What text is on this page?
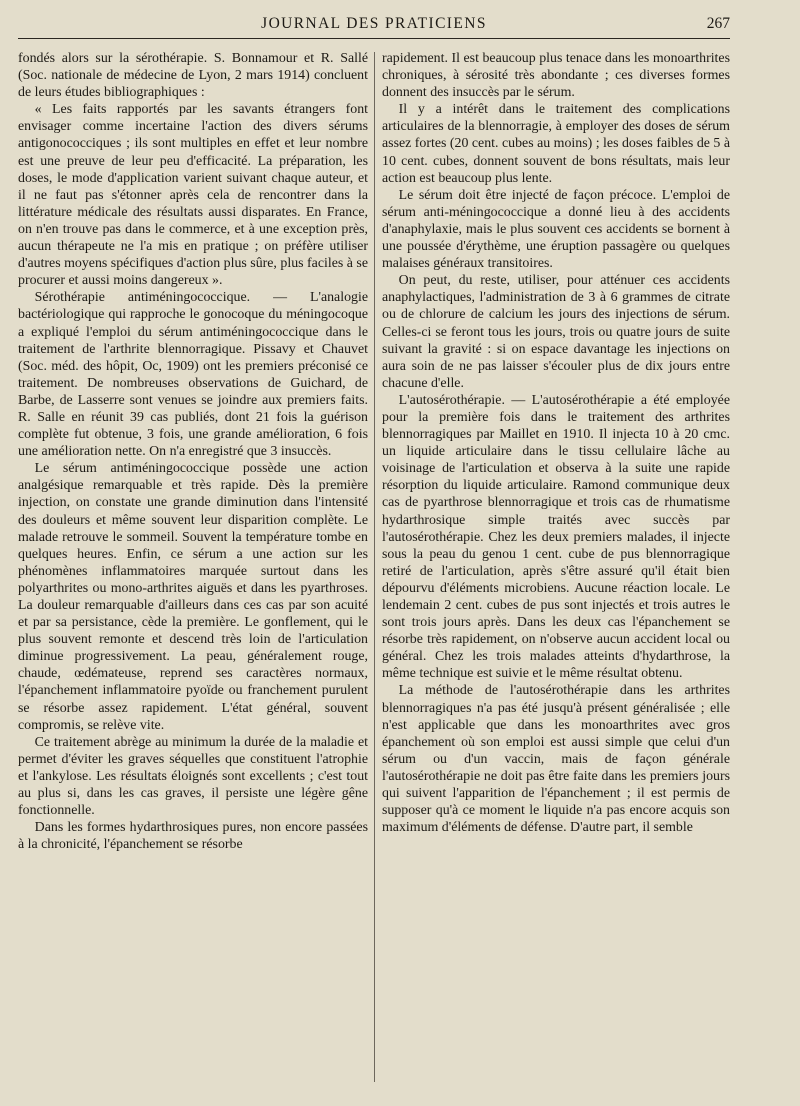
JOURNAL DES PRATICIENS	267

fondés alors sur la sérothérapie. S. Bonnamour et R. Sallé (Soc. nationale de médecine de Lyon, 2 mars 1914) concluent de leurs études bibliographiques :

« Les faits rapportés par les savants étrangers font envisager comme incertaine l'action des divers sérums antigonococciques ; ils sont multiples en effet et leur nombre est une preuve de leur peu d'efficacité. La préparation, les doses, le mode d'application varient suivant chaque auteur, et il ne faut pas s'étonner après cela de rencontrer dans la littérature médicale des résultats aussi disparates. En France, on n'en trouve pas dans le commerce, et à une exception près, aucun thérapeute ne l'a mis en pratique ; on préfère utiliser d'autres moyens spécifiques d'action plus sûre, plus faciles à se procurer et aussi moins dangereux ».

Sérothérapie antiméningococcique. — L'analogie bactériologique qui rapproche le gonocoque du méningocoque a expliqué l'emploi du sérum antiméningococcique dans le traitement de l'arthrite blennorragique. Pissavy et Chauvet (Soc. méd. des hôpit, Oc, 1909) ont les premiers préconisé ce traitement. De nombreuses observations de Guichard, de Barbe, de Lasserre sont venues se joindre aux premiers faits. R. Salle en réunit 39 cas publiés, dont 21 fois la guérison complète fut obtenue, 3 fois, une grande amélioration, 6 fois une amélioration nette. On n'a enregistré que 3 insuccès.

Le sérum antiméningococcique possède une action analgésique remarquable et très rapide. Dès la première injection, on constate une grande diminution dans l'intensité des douleurs et même souvent leur disparition complète. Le malade retrouve le sommeil. Souvent la température tombe en quelques heures. Enfin, ce sérum a une action sur les phénomènes inflammatoires marquée surtout dans les polyarthrites ou mono-arthrites aiguës et dans les pyarthroses. La douleur remarquable d'ailleurs dans ces cas par son acuité et par sa persistance, cède la première. Le gonflement, qui le plus souvent remonte et descend très loin de l'articulation diminue progressivement. La peau, généralement rouge, chaude, œdémateuse, reprend ses caractères normaux, l'épanchement inflammatoire pyoïde ou franchement purulent se résorbe assez rapidement. L'état général, souvent compromis, se relève vite.

Ce traitement abrège au minimum la durée de la maladie et permet d'éviter les graves séquelles que constituent l'atrophie et l'ankylose. Les résultats éloignés sont excellents ; c'est tout au plus si, dans les cas graves, il persiste une légère gêne fonctionnelle.

Dans les formes hydarthrosiques pures, non encore passées à la chronicité, l'épanchement se résorbe

rapidement. Il est beaucoup plus tenace dans les monoarthrites chroniques, à sérosité très abondante ; ces diverses formes donnent des insuccès par le sérum.

Il y a intérêt dans le traitement des complications articulaires de la blennorragie, à employer des doses de sérum assez fortes (20 cent. cubes au moins) ; les doses faibles de 5 à 10 cent. cubes, donnent souvent de bons résultats, mais leur action est beaucoup plus lente.

Le sérum doit être injecté de façon précoce. L'emploi de sérum anti-méningococcique a donné lieu à des accidents d'anaphylaxie, mais le plus souvent ces accidents se bornent à une poussée d'érythème, une éruption passagère ou quelques malaises généraux transitoires.

On peut, du reste, utiliser, pour atténuer ces accidents anaphylactiques, l'administration de 3 à 6 grammes de citrate ou de chlorure de calcium les jours des injections de sérum. Celles-ci se feront tous les jours, trois ou quatre jours de suite suivant la gravité : si on espace davantage les injections on aura soin de ne pas laisser s'écouler plus de dix jours entre chacune d'elle.

L'autosérothérapie. — L'autosérothérapie a été employée pour la première fois dans le traitement des arthrites blennorragiques par Maillet en 1910. Il injecta 10 à 20 cmc. un liquide articulaire dans le tissu cellulaire lâche au voisinage de l'articulation et observa à la suite une rapide résorption du liquide articulaire. Ramond communique deux cas de pyarthrose blennorragique et trois cas de rhumatisme hydarthrosique simple traités avec succès par l'autosérothérapie. Chez les deux premiers malades, il injecte sous la peau du genou 1 cent. cube de pus blennorragique retiré de l'articulation, après s'être assuré qu'il était bien dépourvu d'éléments microbiens. Aucune réaction locale. Le lendemain 2 cent. cubes de pus sont injectés et trois autres le sont trois jours après. Dans les deux cas l'épanchement se résorbe très rapidement, on n'observe aucun accident local ou général. Chez les trois malades atteints d'hydarthrose, la même technique est suivie et le même résultat obtenu.

La méthode de l'autosérothérapie dans les arthrites blennorragiques n'a pas été jusqu'à présent généralisée ; elle n'est applicable que dans les monoarthrites avec gros épanchement où son emploi est aussi simple que celui d'un sérum ou d'un vaccin, mais de façon générale l'autosérothérapie ne doit pas être faite dans les premiers jours qui suivent l'apparition de l'épanchement ; il est permis de supposer qu'à ce moment le liquide n'a pas encore acquis son maximum d'éléments de défense. D'autre part, il semble
